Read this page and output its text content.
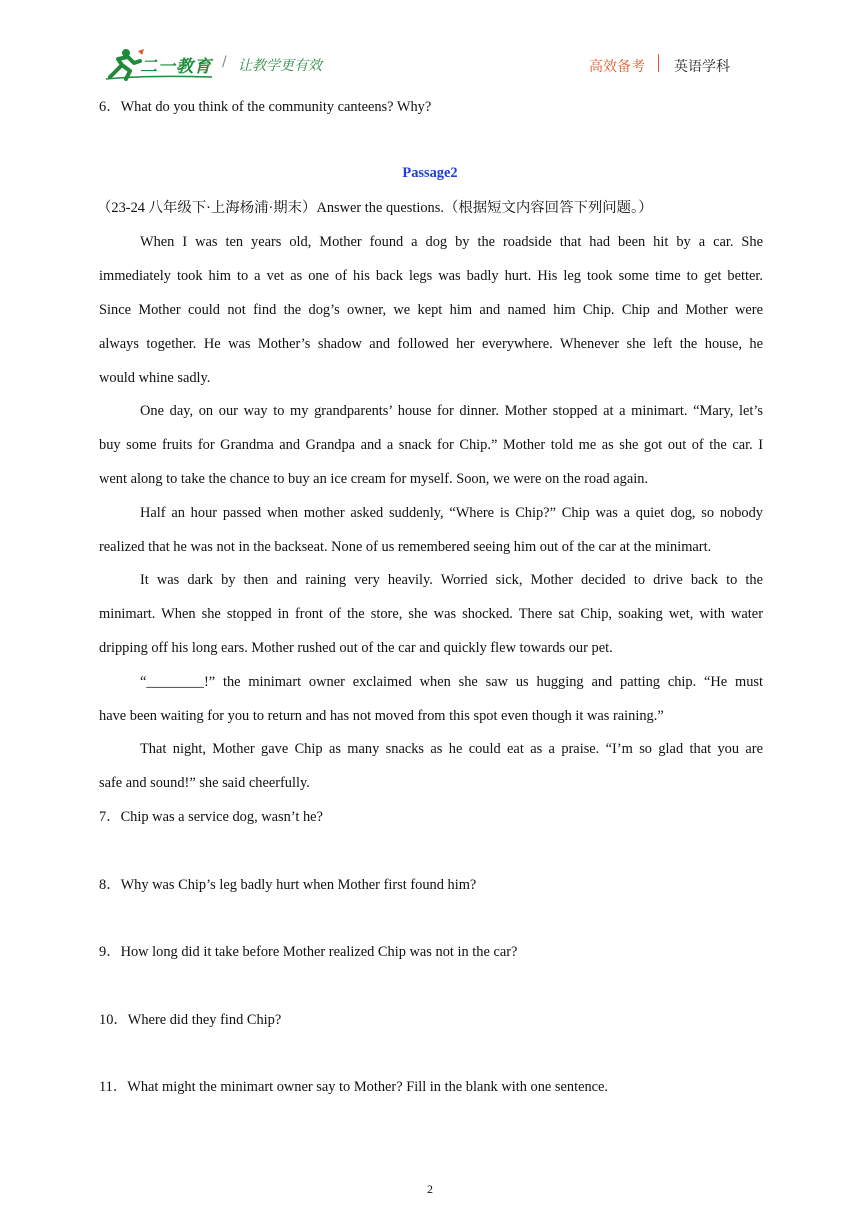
二一教育 / 让教学更有效	高效备考 英语学科
6．What do you think of the community canteens? Why?
Passage2
（23-24 八年级下·上海杨浦·期末）Answer the questions.（根据短文内容回答下列问题。）
When I was ten years old, Mother found a dog by the roadside that had been hit by a car. She
immediately took him to a vet as one of his back legs was badly hurt. His leg took some time to get better.
Since Mother could not find the dog’s owner, we kept him and named him Chip. Chip and Mother were
always together. He was Mother’s shadow and followed her everywhere. Whenever she left the house, he
would whine sadly.
One day, on our way to my grandparents’ house for dinner. Mother stopped at a minimart. “Mary, let’s
buy some fruits for Grandma and Grandpa and a snack for Chip.” Mother told me as she got out of the car. I
went along to take the chance to buy an ice cream for myself. Soon, we were on the road again.
Half an hour passed when mother asked suddenly, “Where is Chip?” Chip was a quiet dog, so nobody
realized that he was not in the backseat. None of us remembered seeing him out of the car at the minimart.
It was dark by then and raining very heavily. Worried sick, Mother decided to drive back to the
minimart. When she stopped in front of the store, she was shocked. There sat Chip, soaking wet, with water
dripping off his long ears. Mother rushed out of the car and quickly flew towards our pet.
“________!” the minimart owner exclaimed when she saw us hugging and patting chip. “He must
have been waiting for you to return and has not moved from this spot even though it was raining.”
That night, Mother gave Chip as many snacks as he could eat as a praise. “I’m so glad that you are
safe and sound!” she said cheerfully.
7．Chip was a service dog, wasn’t he?
8．Why was Chip’s leg badly hurt when Mother first found him?
9．How long did it take before Mother realized Chip was not in the car?
10．Where did they find Chip?
11．What might the minimart owner say to Mother? Fill in the blank with one sentence.
2
